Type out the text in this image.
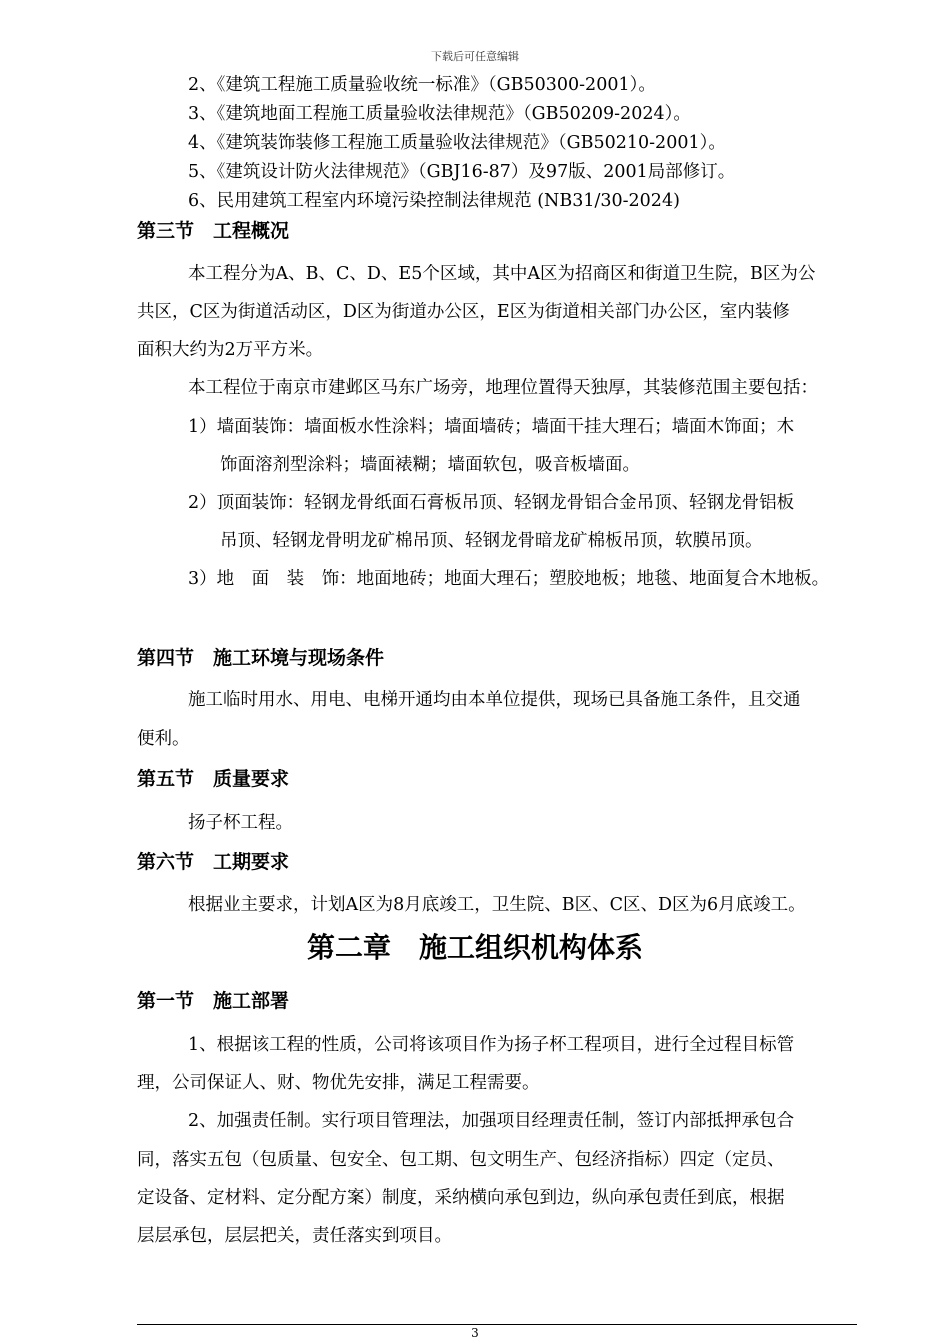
下载后可任意编辑
2、《建筑工程施工质量验收统一标准》（GB50300-2001）。
3、《建筑地面工程施工质量验收法律规范》（GB50209-2024）。
4、《建筑装饰装修工程施工质量验收法律规范》（GB50210-2001）。
5、《建筑设计防火法律规范》（GBJ16-87）及97版、2001局部修订。
6、民用建筑工程室内环境污染控制法律规范 (NB31/30-2024)
第三节　工程概况
本工程分为A、B、C、D、E5个区域，其中A区为招商区和街道卫生院，B区为公
共区，C区为街道活动区，D区为街道办公区，E区为街道相关部门办公区，室内装修
面积大约为2万平方米。
本工程位于南京市建邺区马东广场旁，地理位置得天独厚，其装修范围主要包括：
1）墙面装饰：墙面板水性涂料；墙面墙砖；墙面干挂大理石；墙面木饰面；木
饰面溶剂型涂料；墙面裱糊；墙面软包，吸音板墙面。
2）顶面装饰：轻钢龙骨纸面石膏板吊顶、轻钢龙骨铝合金吊顶、轻钢龙骨铝板
吊顶、轻钢龙骨明龙矿棉吊顶、轻钢龙骨暗龙矿棉板吊顶，软膜吊顶。
3）地　面　装　饰：地面地砖；地面大理石；塑胶地板；地毯、地面复合木地板。
第四节　施工环境与现场条件
施工临时用水、用电、电梯开通均由本单位提供，现场已具备施工条件，且交通
便利。
第五节　质量要求
扬子杯工程。
第六节　工期要求
根据业主要求，计划A区为8月底竣工，卫生院、B区、C区、D区为6月底竣工。
第二章　施工组织机构体系
第一节　施工部署
1、根据该工程的性质，公司将该项目作为扬子杯工程项目，进行全过程目标管
理，公司保证人、财、物优先安排，满足工程需要。
2、加强责任制。实行项目管理法，加强项目经理责任制，签订内部抵押承包合
同，落实五包（包质量、包安全、包工期、包文明生产、包经济指标）四定（定员、
定设备、定材料、定分配方案）制度，采纳横向承包到边，纵向承包责任到底，根据
层层承包，层层把关，责任落实到项目。
3
